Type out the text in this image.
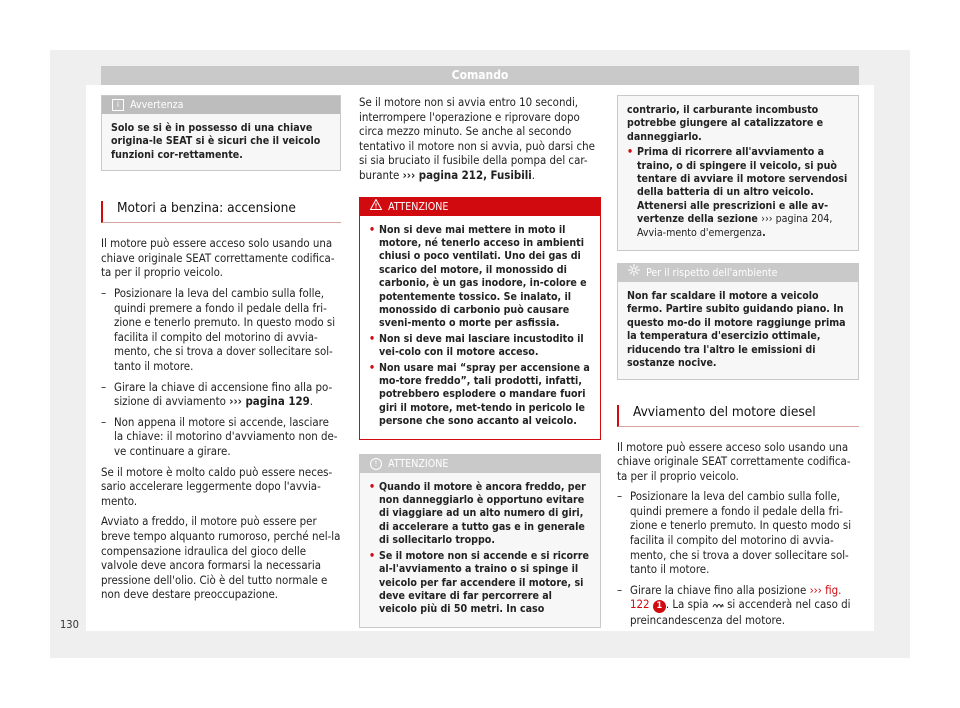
Comando
i Avvertenza
Solo se si è in possesso di una chiave origina-le SEAT si è sicuri che il veicolo funzioni cor-rettamente.
Motori a benzina: accensione

Il motore può essere acceso solo usando una chiave originale SEAT correttamente codifica-ta per il proprio veicolo.

– Posizionare la leva del cambio sulla folle, quindi premere a fondo il pedale della fri-zione e tenerlo premuto. In questo modo si facilita il compito del motorino di avvia-mento, che si trova a dover sollecitare sol-tanto il motore.
– Girare la chiave di accensione fino alla po-sizione di avviamento ››› pagina 129.
– Non appena il motore si accende, lasciare la chiave: il motorino d'avviamento non de-ve continuare a girare.

Se il motore è molto caldo può essere neces-sario accelerare leggermente dopo l'avvia-mento.

Avviato a freddo, il motore può essere per breve tempo alquanto rumoroso, perché nel-la compensazione idraulica del gioco delle valvole deve ancora formarsi la necessaria pressione dell'olio. Ciò è del tutto normale e non deve destare preoccupazione.

Se il motore non si avvia entro 10 secondi, interrompere l'operazione e riprovare dopo circa mezzo minuto. Se anche al secondo tentativo il motore non si avvia, può darsi che si sia bruciato il fusibile della pompa del car-burante ››› pagina 212, Fusibili.

ATTENZIONE
• Non si deve mai mettere in moto il motore, né tenerlo acceso in ambienti chiusi o poco ventilati. Uno dei gas di scarico del motore, il monossido di carbonio, è un gas inodore, in-colore e potentemente tossico. Se inalato, il monossido di carbonio può causare sveni-mento o morte per asfissia.
• Non si deve mai lasciare incustodito il vei-colo con il motore acceso.
• Non usare mai “spray per accensione a mo-tore freddo”, tali prodotti, infatti, potrebbero esplodere o mandare fuori giri il motore, met-tendo in pericolo le persone che sono accanto al veicolo.
! ATTENZIONE
• Quando il motore è ancora freddo, per non danneggiarlo è opportuno evitare di viaggiare ad un alto numero di giri, di accelerare a tutto gas e in generale di sollecitarlo troppo.
• Se il motore non si accende e si ricorre al-l'avviamento a traino o si spinge il veicolo per far accendere il motore, si deve evitare di far percorrere al veicolo più di 50 metri. In caso
contrario, il carburante incombusto potrebbe giungere al catalizzatore e danneggiarlo.
• Prima di ricorrere all'avviamento a traino, o di spingere il veicolo, si può tentare di avviare il motore servendosi della batteria di un altro veicolo. Attenersi alle prescrizioni e alle av-vertenze della sezione ››› pagina 204, Avvia-mento d'emergenza.
Per il rispetto dell'ambiente
Non far scaldare il motore a veicolo fermo. Partire subito guidando piano. In questo mo-do il motore raggiunge prima la temperatura d'esercizio ottimale, riducendo tra l'altro le emissioni di sostanze nocive.
Avviamento del motore diesel

Il motore può essere acceso solo usando una chiave originale SEAT correttamente codifica-ta per il proprio veicolo.

– Posizionare la leva del cambio sulla folle, quindi premere a fondo il pedale della fri-zione e tenerlo premuto. In questo modo si facilita il compito del motorino di avvia-mento, che si trova a dover sollecitare sol-tanto il motore.
– Girare la chiave fino alla posizione ››› fig. 122 1 . La spia si accenderà nel caso di preincandescenza del motore.
130
